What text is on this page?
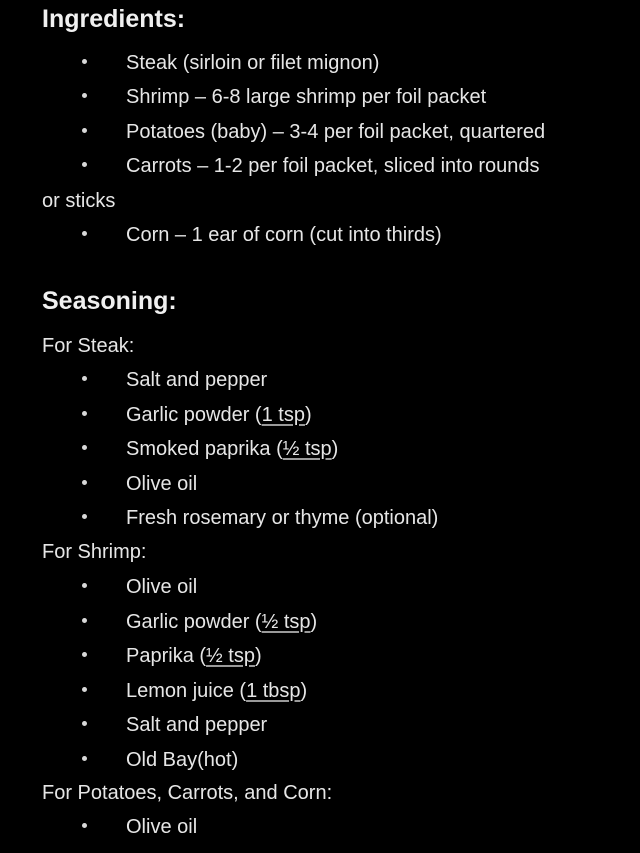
Ingredients:
Steak (sirloin or filet mignon)
Shrimp – 6-8 large shrimp per foil packet
Potatoes (baby) – 3-4 per foil packet, quartered
Carrots – 1-2 per foil packet, sliced into rounds
or sticks
Corn – 1 ear of corn (cut into thirds)
Seasoning:
For Steak:
Salt and pepper
Garlic powder (1 tsp)
Smoked paprika (½ tsp)
Olive oil
Fresh rosemary or thyme (optional)
For Shrimp:
Olive oil
Garlic powder (½ tsp)
Paprika (½ tsp)
Lemon juice (1 tbsp)
Salt and pepper
Old Bay(hot)
For Potatoes, Carrots, and Corn:
Olive oil
